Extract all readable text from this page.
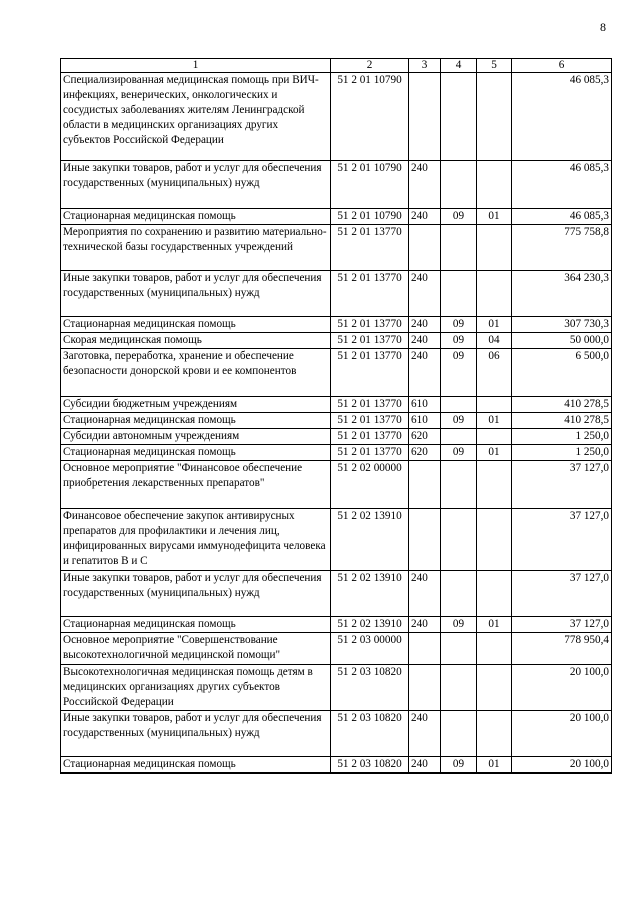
8
1	2	3	4	5	6
Специализированная медицинская помощь при ВИЧ-инфекциях, венерических, онкологических и сосудистых заболеваниях жителям Ленинградской области в медицинских организациях других субъектов Российской Федерации	51 2 01 10790				46 085,3
Иные закупки товаров, работ и услуг для обеспечения государственных (муниципальных) нужд	51 2 01 10790	240			46 085,3
Стационарная медицинская помощь	51 2 01 10790	240	09	01	46 085,3
Мероприятия по сохранению и развитию материально-технической базы государственных учреждений	51 2 01 13770				775 758,8
Иные закупки товаров, работ и услуг для обеспечения государственных (муниципальных) нужд	51 2 01 13770	240			364 230,3
Стационарная медицинская помощь	51 2 01 13770	240	09	01	307 730,3
Скорая медицинская помощь	51 2 01 13770	240	09	04	50 000,0
Заготовка, переработка, хранение и обеспечение безопасности донорской крови и ее компонентов	51 2 01 13770	240	09	06	6 500,0
Субсидии бюджетным учреждениям	51 2 01 13770	610			410 278,5
Стационарная медицинская помощь	51 2 01 13770	610	09	01	410 278,5
Субсидии автономным учреждениям	51 2 01 13770	620			1 250,0
Стационарная медицинская помощь	51 2 01 13770	620	09	01	1 250,0
Основное мероприятие "Финансовое обеспечение приобретения лекарственных препаратов"	51 2 02 00000				37 127,0
Финансовое обеспечение закупок антивирусных препаратов для профилактики и лечения лиц, инфицированных вирусами иммунодефицита человека и гепатитов В и С	51 2 02 13910				37 127,0
Иные закупки товаров, работ и услуг для обеспечения государственных (муниципальных) нужд	51 2 02 13910	240			37 127,0
Стационарная медицинская помощь	51 2 02 13910	240	09	01	37 127,0
Основное мероприятие "Совершенствование высокотехнологичной медицинской помощи"	51 2 03 00000				778 950,4
Высокотехнологичная медицинская помощь детям в медицинских организациях других субъектов Российской Федерации	51 2 03 10820				20 100,0
Иные закупки товаров, работ и услуг для обеспечения государственных (муниципальных) нужд	51 2 03 10820	240			20 100,0
Стационарная медицинская помощь	51 2 03 10820	240	09	01	20 100,0
